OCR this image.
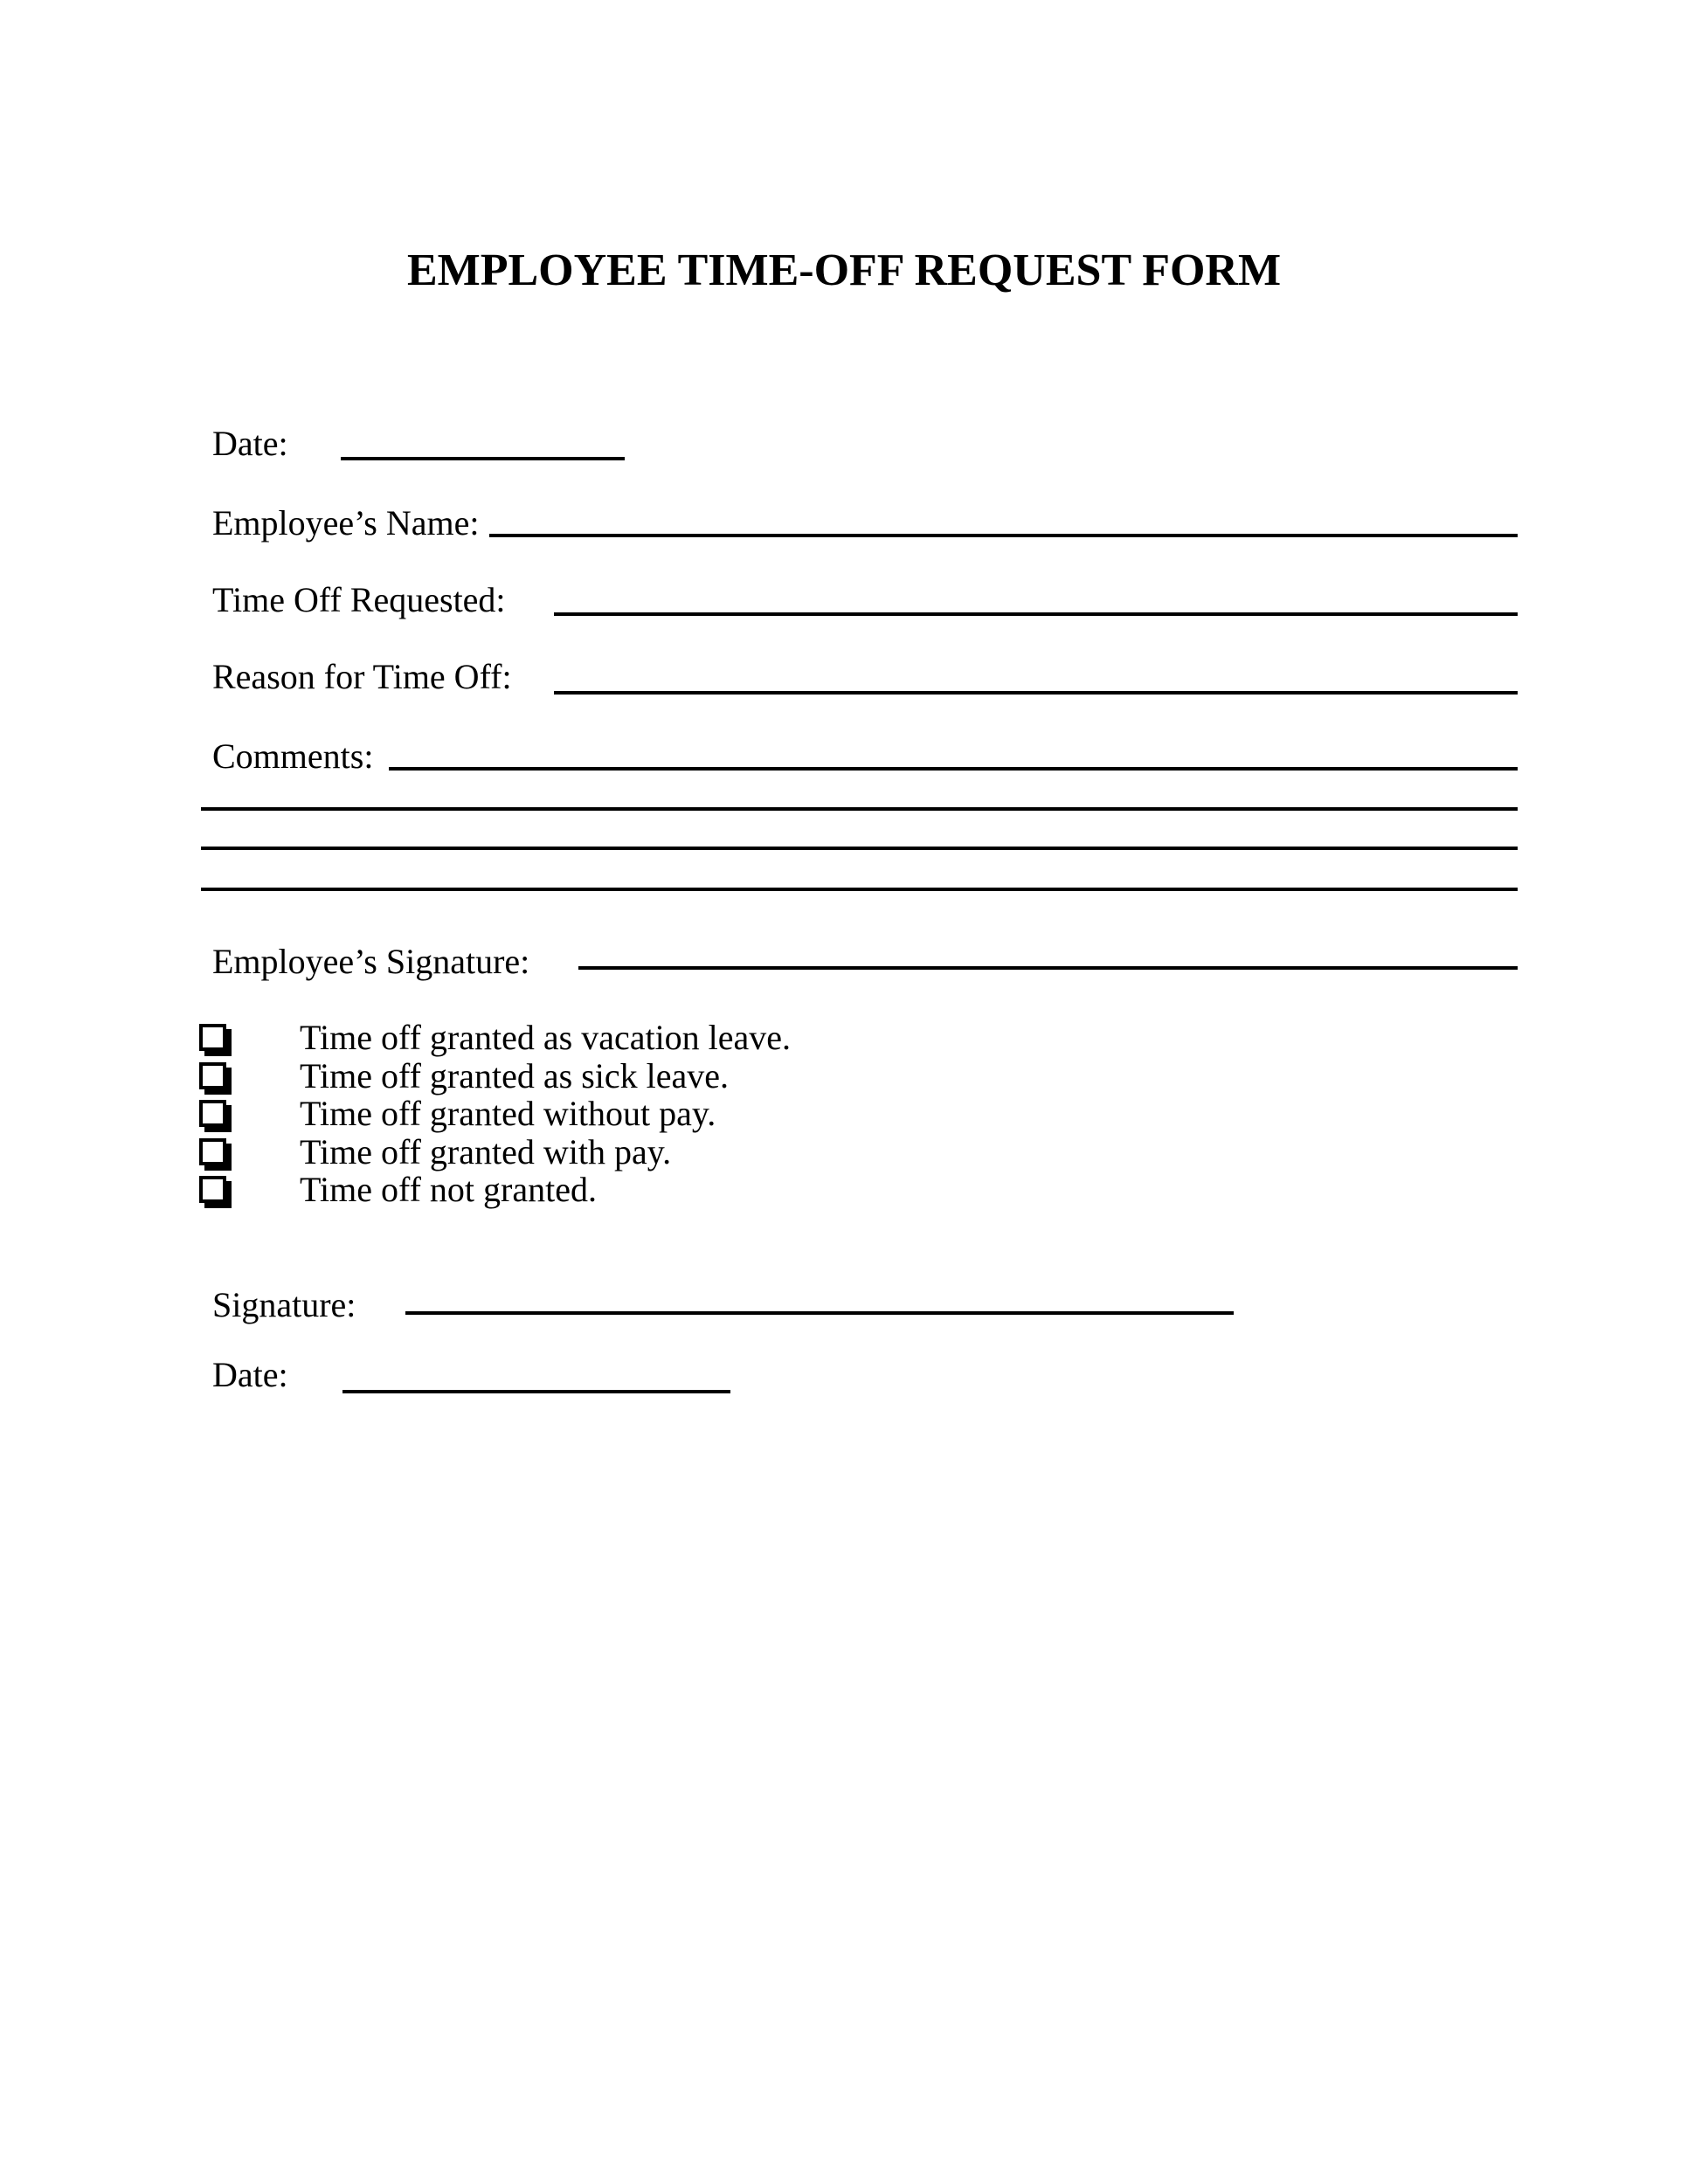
EMPLOYEE TIME-OFF REQUEST FORM
Date:
Employee’s Name:
Time Off Requested:
Reason for Time Off:
Comments:
Employee’s Signature:
Time off granted as vacation leave.
Time off granted as sick leave.
Time off granted without pay.
Time off granted with pay.
Time off not granted.
Signature:
Date:
